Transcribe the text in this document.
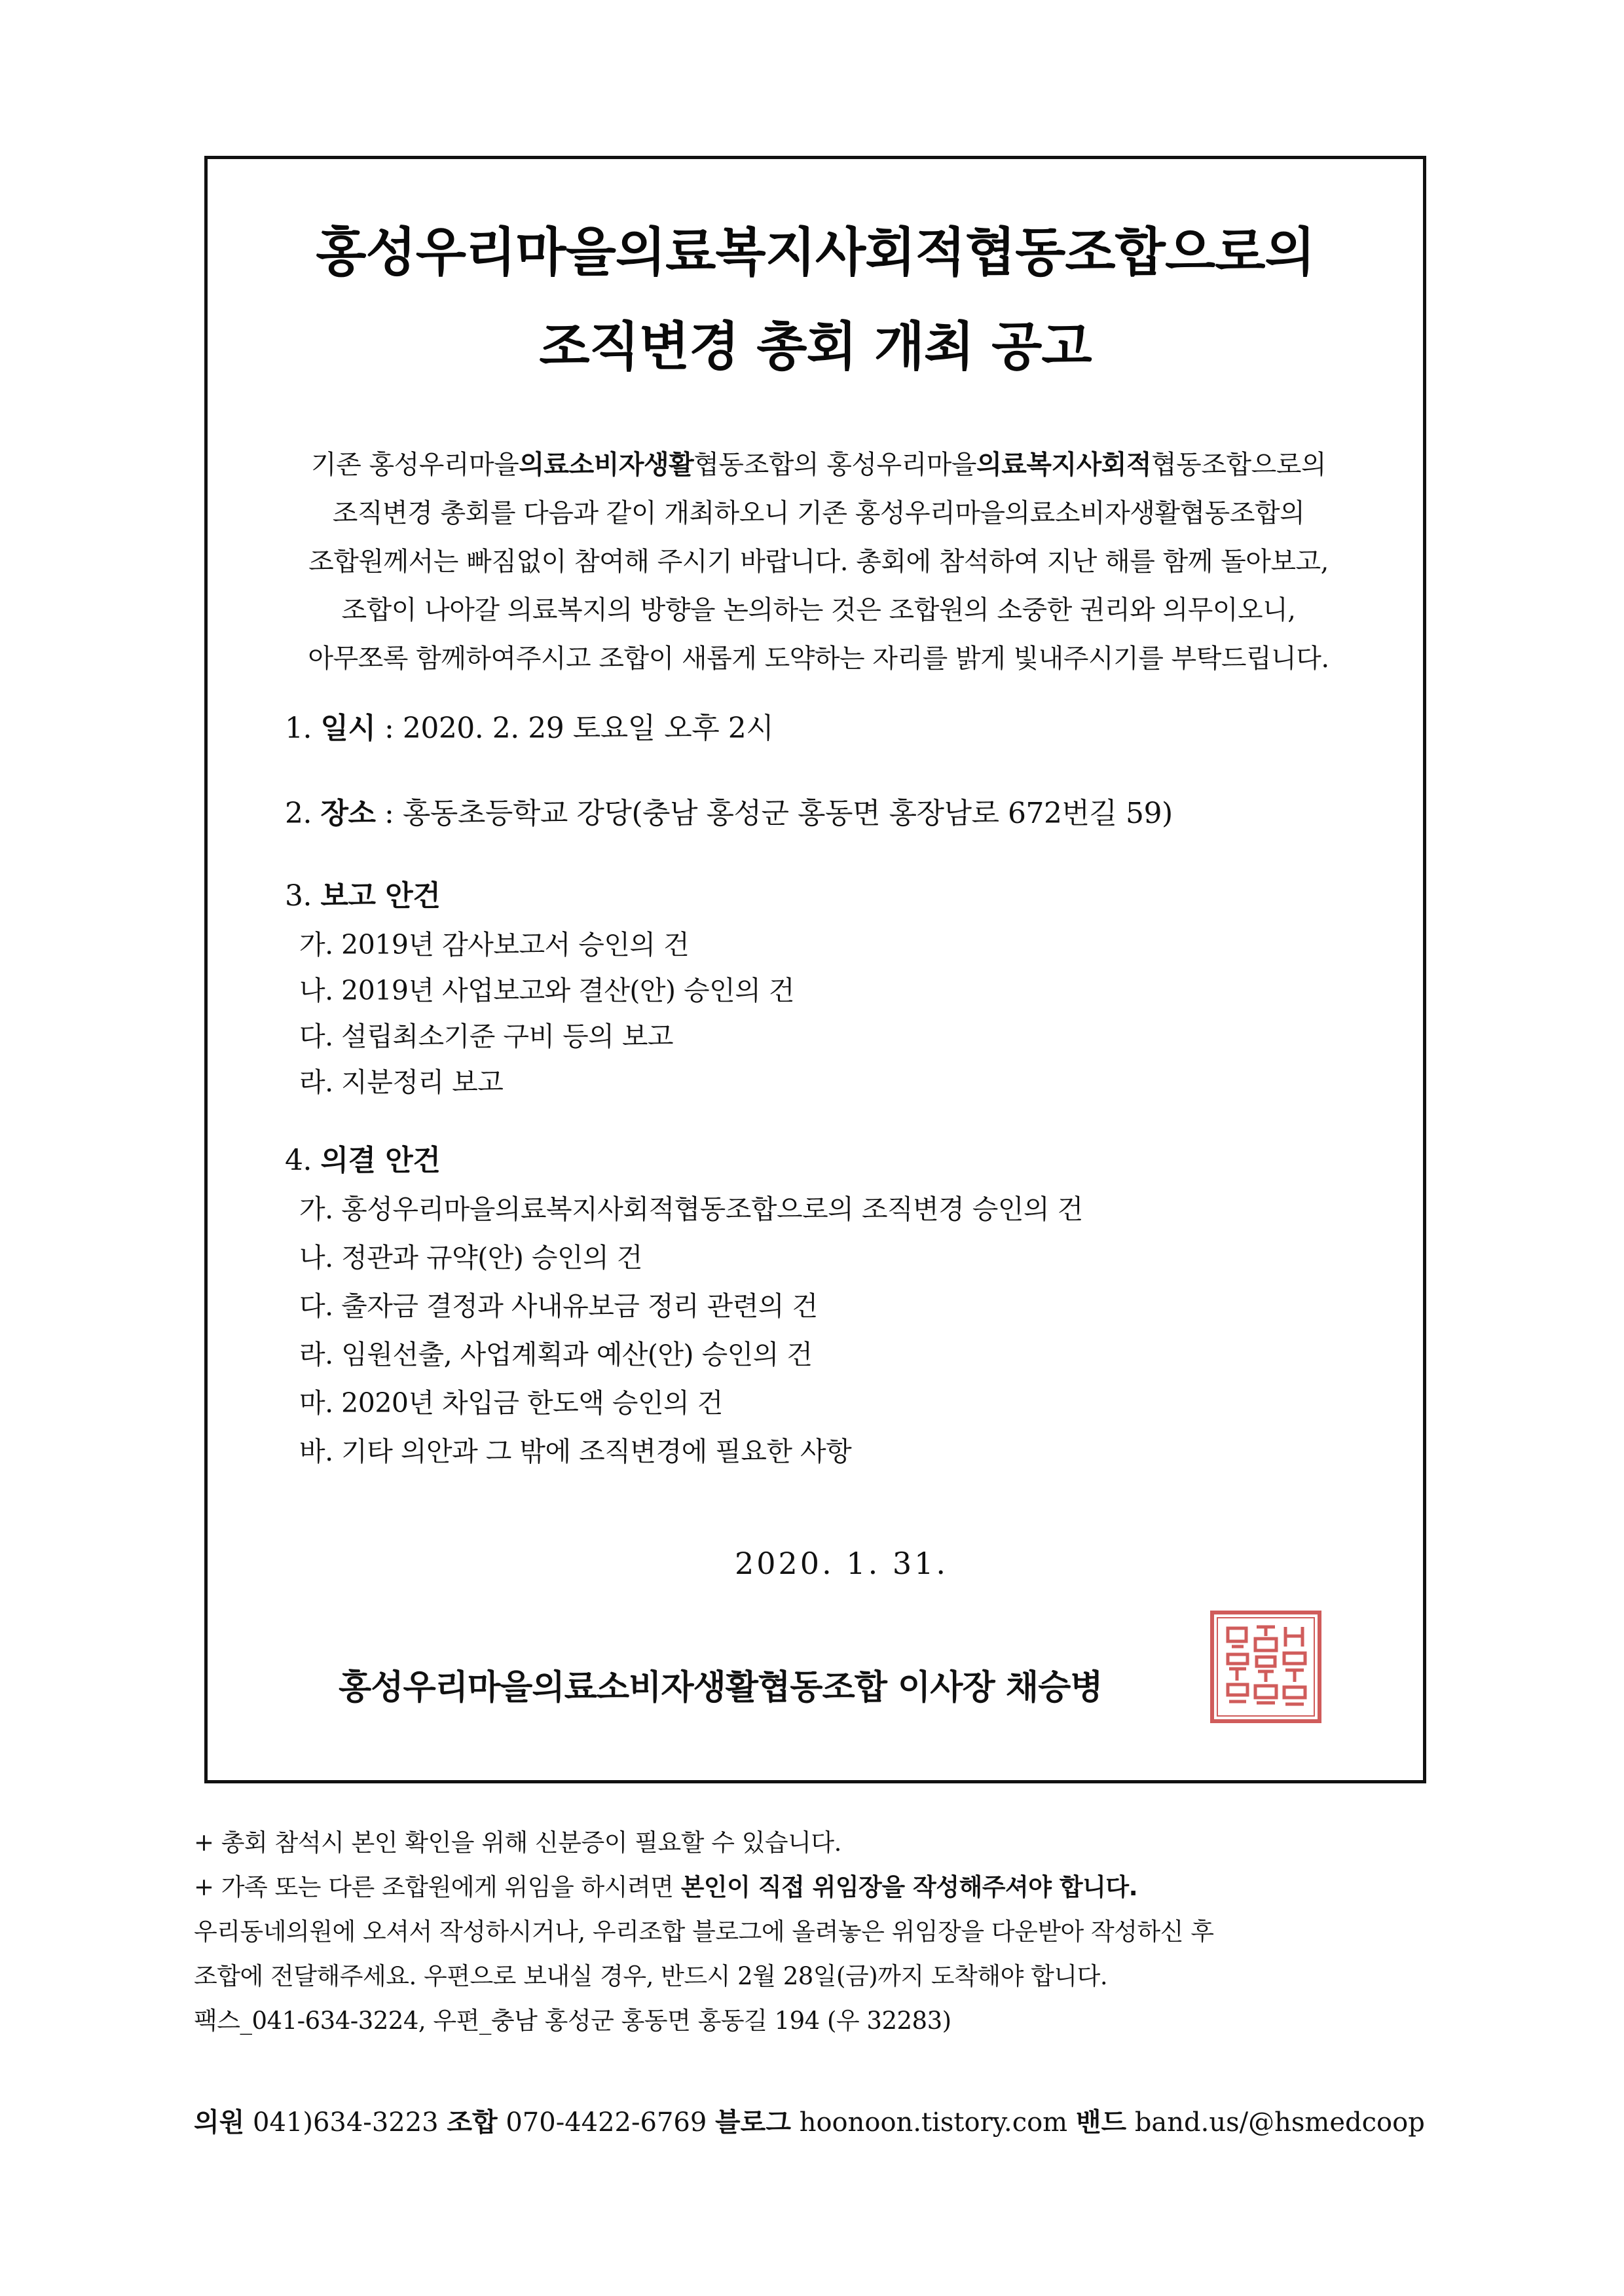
홍성우리마을의료복지사회적협동조합으로의
조직변경 총회 개최 공고

기존 홍성우리마을의료소비자생활협동조합의 홍성우리마을의료복지사회적협동조합으로의

조직변경 총회를 다음과 같이 개최하오니 기존 홍성우리마을의료소비자생활협동조합의

조합원께서는 빠짐없이 참여해 주시기 바랍니다. 총회에 참석하여 지난 해를 함께 돌아보고,

조합이 나아갈 의료복지의 방향을 논의하는 것은 조합원의 소중한 권리와 의무이오니,

아무쪼록 함께하여주시고 조합이 새롭게 도약하는 자리를 밝게 빛내주시기를 부탁드립니다.

1. 일시 : 2020. 2. 29 토요일 오후 2시
2. 장소 : 홍동초등학교 강당(충남 홍성군 홍동면 홍장남로 672번길 59)
3. 보고 안건
가. 2019년 감사보고서 승인의 건
나. 2019년 사업보고와 결산(안) 승인의 건
다. 설립최소기준 구비 등의 보고
라. 지분정리 보고
4. 의결 안건
가. 홍성우리마을의료복지사회적협동조합으로의 조직변경 승인의 건
나. 정관과 규약(안) 승인의 건
다. 출자금 결정과 사내유보금 정리 관련의 건
라. 임원선출, 사업계획과 예산(안) 승인의 건
마. 2020년 차입금 한도액 승인의 건
바. 기타 의안과 그 밖에 조직변경에 필요한 사항
2020. 1. 31.
홍성우리마을의료소비자생활협동조합 이사장 채승병
+ 총회 참석시 본인 확인을 위해 신분증이 필요할 수 있습니다.
+ 가족 또는 다른 조합원에게 위임을 하시려면 본인이 직접 위임장을 작성해주셔야 합니다.
우리동네의원에 오셔서 작성하시거나, 우리조합 블로그에 올려놓은 위임장을 다운받아 작성하신 후
조합에 전달해주세요. 우편으로 보내실 경우, 반드시 2월 28일(금)까지 도착해야 합니다.
팩스_041-634-3224, 우편_충남 홍성군 홍동면 홍동길 194 (우 32283)
의원 041)634-3223 조합 070-4422-6769 블로그 hoonoon.tistory.com 밴드 band.us/@hsmedcoop
